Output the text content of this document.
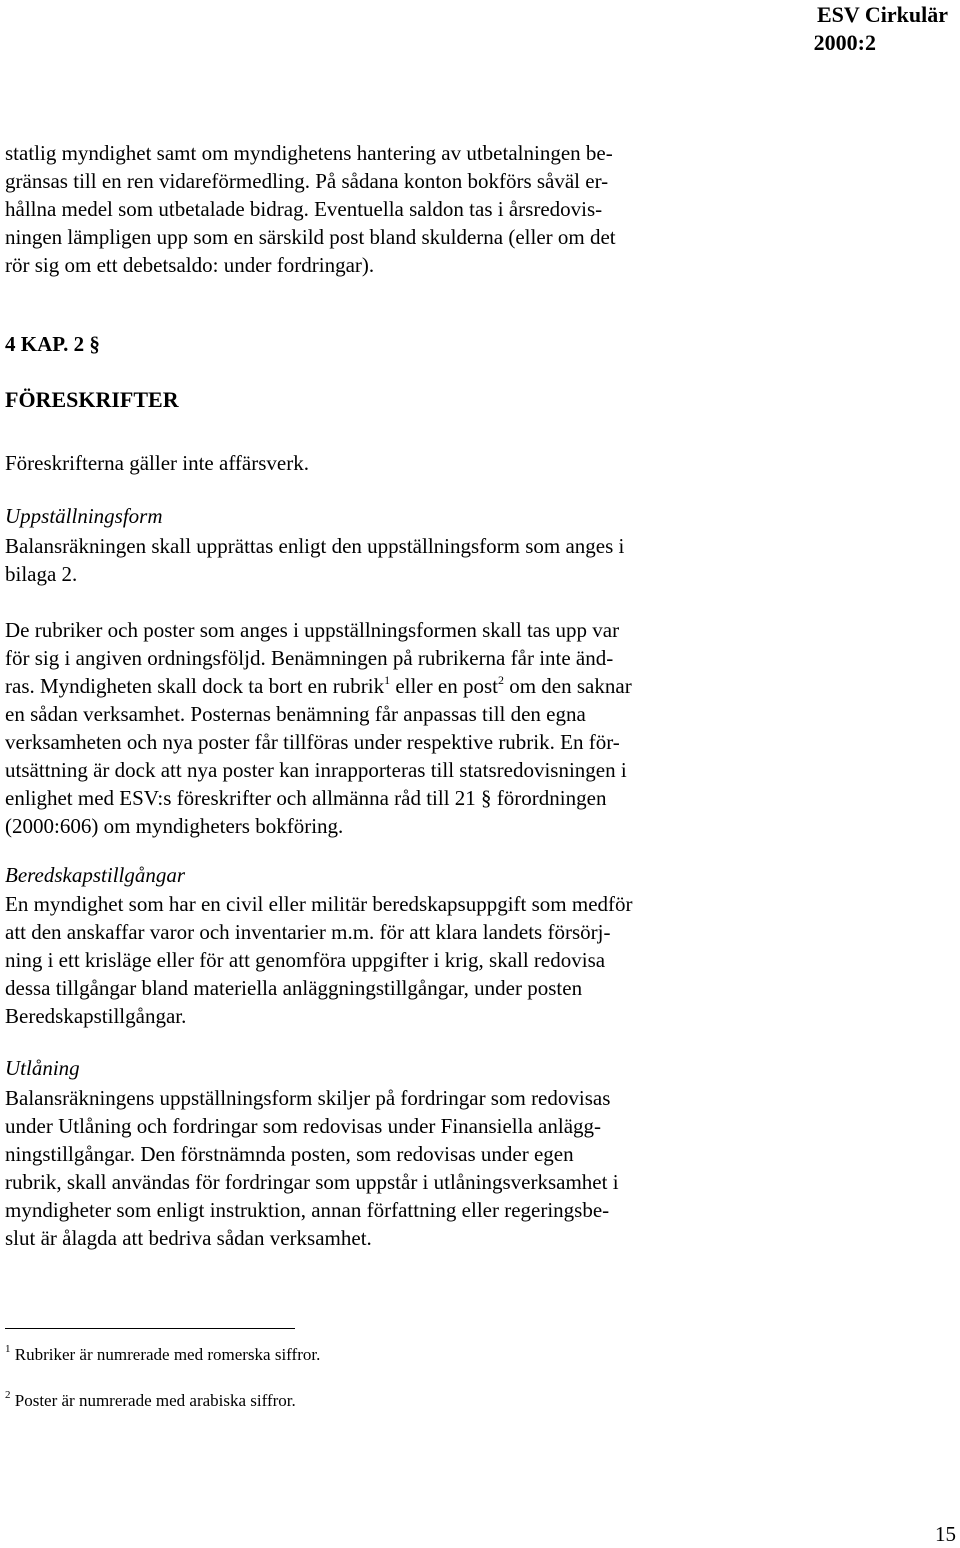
ESV Cirkulär
2000:2
statlig myndighet samt om myndighetens hantering av utbetalningen be-
gränsas till en ren vidareförmedling. På sådana konton bokförs såväl er-
hållna medel som utbetalade bidrag. Eventuella saldon tas i årsredovis-
ningen lämpligen upp som en särskild post bland skulderna (eller om det
rör sig om ett debetsaldo: under fordringar).
4 KAP. 2 §
FÖRESKRIFTER
Föreskrifterna gäller inte affärsverk.
Uppställningsform
Balansräkningen skall upprättas enligt den uppställningsform som anges i
bilaga 2.
De rubriker och poster som anges i uppställningsformen skall tas upp var
för sig i angiven ordningsföljd. Benämningen på rubrikerna får inte änd-
ras. Myndigheten skall dock ta bort en rubrik$^1$ eller en post$^2$ om den saknar
en sådan verksamhet. Posternas benämning får anpassas till den egna
verksamheten och nya poster får tillföras under respektive rubrik. En för-
utsättning är dock att nya poster kan inrapporteras till statsredovisningen i
enlighet med ESV:s föreskrifter och allmänna råd till 21 § förordningen
(2000:606) om myndigheters bokföring.
Beredskapstillgångar
En myndighet som har en civil eller militär beredskapsuppgift som medför
att den anskaffar varor och inventarier m.m. för att klara landets försörj-
ning i ett krisläge eller för att genomföra uppgifter i krig, skall redovisa
dessa tillgångar bland materiella anläggningstillgångar, under posten
Beredskapstillgångar.
Utlåning
Balansräkningens uppställningsform skiljer på fordringar som redovisas
under Utlåning och fordringar som redovisas under Finansiella anlägg-
ningstillgångar. Den förstnämnda posten, som redovisas under egen
rubrik, skall användas för fordringar som uppstår i utlåningsverksamhet i
myndigheter som enligt instruktion, annan författning eller regeringsbe-
slut är ålagda att bedriva sådan verksamhet.
$^1$ Rubriker är numrerade med romerska siffror.
$^2$ Poster är numrerade med arabiska siffror.
15
